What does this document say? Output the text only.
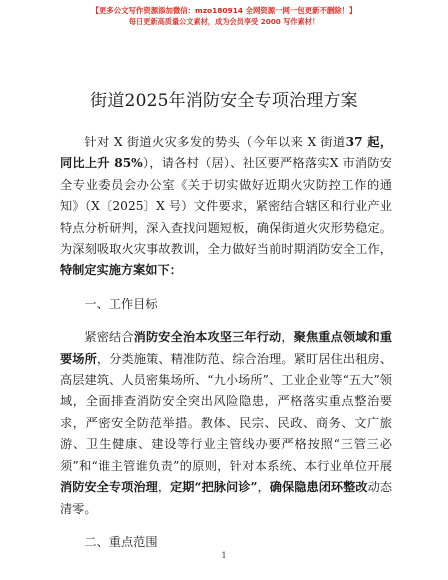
【更多公文写作资源添加微信：mzo180914 全网资源一网一包更新不删除！】
每日更新高质量公文素材，成为会员享受 2000 写作素材！
街道2025年消防安全专项治理方案

针对 X 街道火灾多发的势头（今年以来 X 街道37 起，同比上升 85%），请各村（居）、社区要严格落实X 市消防安全专业委员会办公室《关于切实做好近期火灾防控工作的通知》（X〔2025〕X 号）文件要求，紧密结合辖区和行业产业特点分析研判，深入查找问题短板，确保街道火灾形势稳定。为深刻吸取火灾事故教训，全力做好当前时期消防安全工作，特制定实施方案如下：

一、工作目标

紧密结合消防安全治本攻坚三年行动，聚焦重点领域和重要场所，分类施策、精准防范、综合治理。紧盯居住出租房、高层建筑、人员密集场所、“九小场所”、工业企业等“五大”领域，全面排查消防安全突出风险隐患，严格落实重点整治要求，严密安全防范举措。教体、民宗、民政、商务、文广旅游、卫生健康、建设等行业主管线办要严格按照“三管三必须”和“谁主管谁负责”的原则，针对本系统、本行业单位开展消防安全专项治理，定期“把脉问诊”，确保隐患闭环整改动态清零。

二、重点范围

1
